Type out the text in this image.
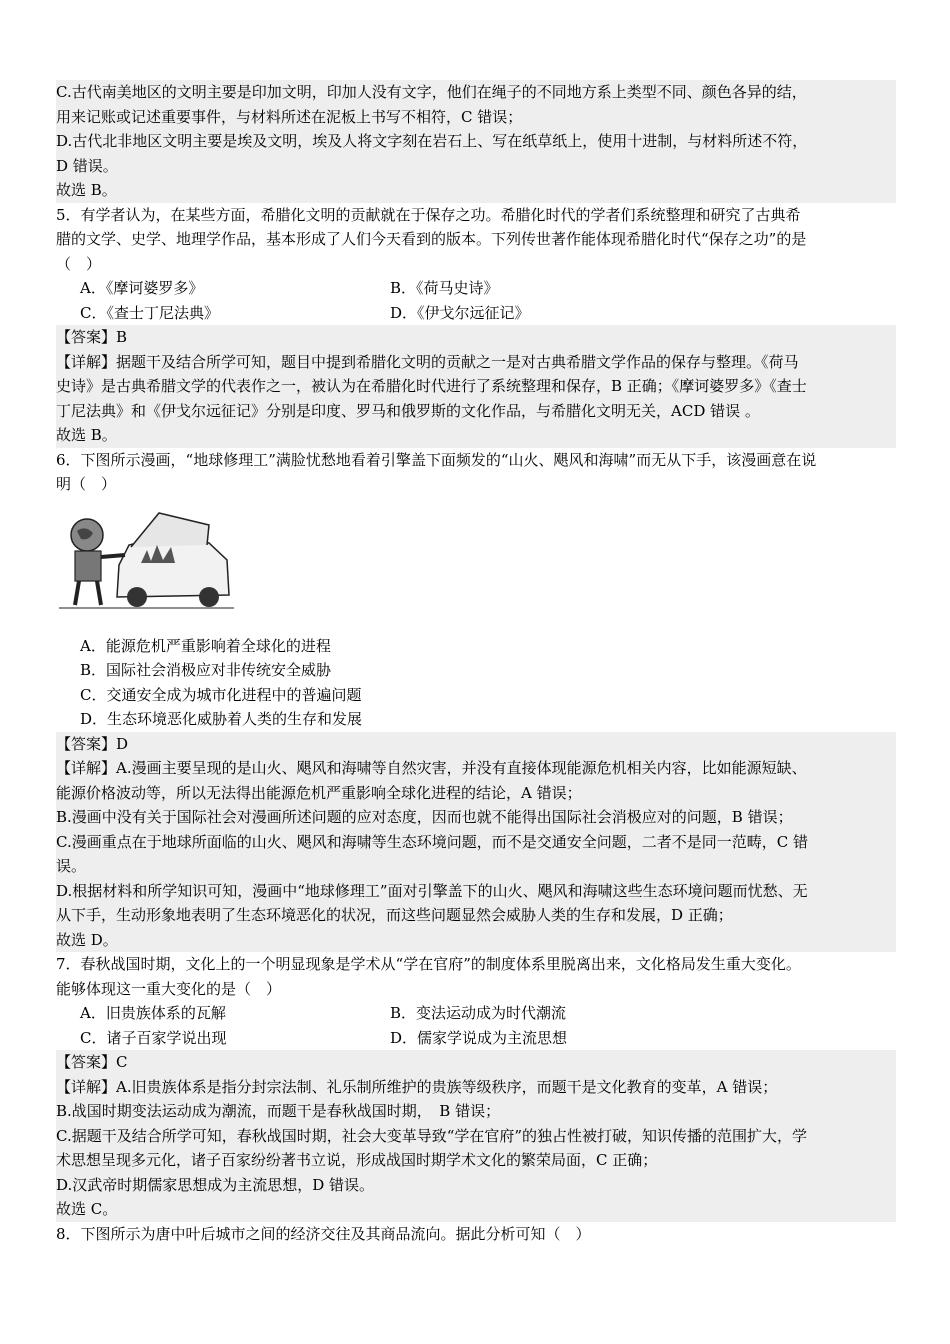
C.古代南美地区的文明主要是印加文明，印加人没有文字，他们在绳子的不同地方系上类型不同、颜色各异的结，
用来记账或记述重要事件，与材料所述在泥板上书写不相符，C 错误；
D.古代北非地区文明主要是埃及文明，埃及人将文字刻在岩石上、写在纸草纸上，使用十进制，与材料所述不符，
D 错误。
故选 B。
5．有学者认为，在某些方面，希腊化文明的贡献就在于保存之功。希腊化时代的学者们系统整理和研究了古典希
腊的文学、史学、地理学作品，基本形成了人们今天看到的版本。下列传世著作能体现希腊化时代“保存之功”的是
（　）
A．《摩诃婆罗多》	B．《荷马史诗》
C．《查士丁尼法典》	D．《伊戈尔远征记》
【答案】B
【详解】据题干及结合所学可知，题目中提到希腊化文明的贡献之一是对古典希腊文学作品的保存与整理。《荷马
史诗》是古典希腊文学的代表作之一，被认为在希腊化时代进行了系统整理和保存，B 正确；《摩诃婆罗多》《查士
丁尼法典》和《伊戈尔远征记》分别是印度、罗马和俄罗斯的文化作品，与希腊化文明无关，ACD 错误 。
故选 B。
6．下图所示漫画，“地球修理工”满脸忧愁地看着引擎盖下面频发的“山火、飓风和海啸”而无从下手，该漫画意在说
明（　）
A．能源危机严重影响着全球化的进程
B．国际社会消极应对非传统安全威胁
C．交通安全成为城市化进程中的普遍问题
D．生态环境恶化威胁着人类的生存和发展
【答案】D
【详解】A.漫画主要呈现的是山火、飓风和海啸等自然灾害，并没有直接体现能源危机相关内容，比如能源短缺、
能源价格波动等，所以无法得出能源危机严重影响全球化进程的结论，A 错误；
B.漫画中没有关于国际社会对漫画所述问题的应对态度，因而也就不能得出国际社会消极应对的问题，B 错误；
C.漫画重点在于地球所面临的山火、飓风和海啸等生态环境问题，而不是交通安全问题，二者不是同一范畴，C 错
误。
D.根据材料和所学知识可知，漫画中“地球修理工”面对引擎盖下的山火、飓风和海啸这些生态环境问题而忧愁、无
从下手，生动形象地表明了生态环境恶化的状况，而这些问题显然会威胁人类的生存和发展，D 正确；
故选 D。
7．春秋战国时期，文化上的一个明显现象是学术从“学在官府”的制度体系里脱离出来，文化格局发生重大变化。
能够体现这一重大变化的是（　）
A．旧贵族体系的瓦解	B．变法运动成为时代潮流
C．诸子百家学说出现	D．儒家学说成为主流思想
【答案】C
【详解】A.旧贵族体系是指分封宗法制、礼乐制所维护的贵族等级秩序，而题干是文化教育的变革，A 错误；
B.战国时期变法运动成为潮流，而题干是春秋战国时期，　B 错误；
C.据题干及结合所学可知，春秋战国时期，社会大变革导致“学在官府”的独占性被打破，知识传播的范围扩大，学
术思想呈现多元化，诸子百家纷纷著书立说，形成战国时期学术文化的繁荣局面，C 正确；
D.汉武帝时期儒家思想成为主流思想，D 错误。
故选 C。
8．下图所示为唐中叶后城市之间的经济交往及其商品流向。据此分析可知（　）
